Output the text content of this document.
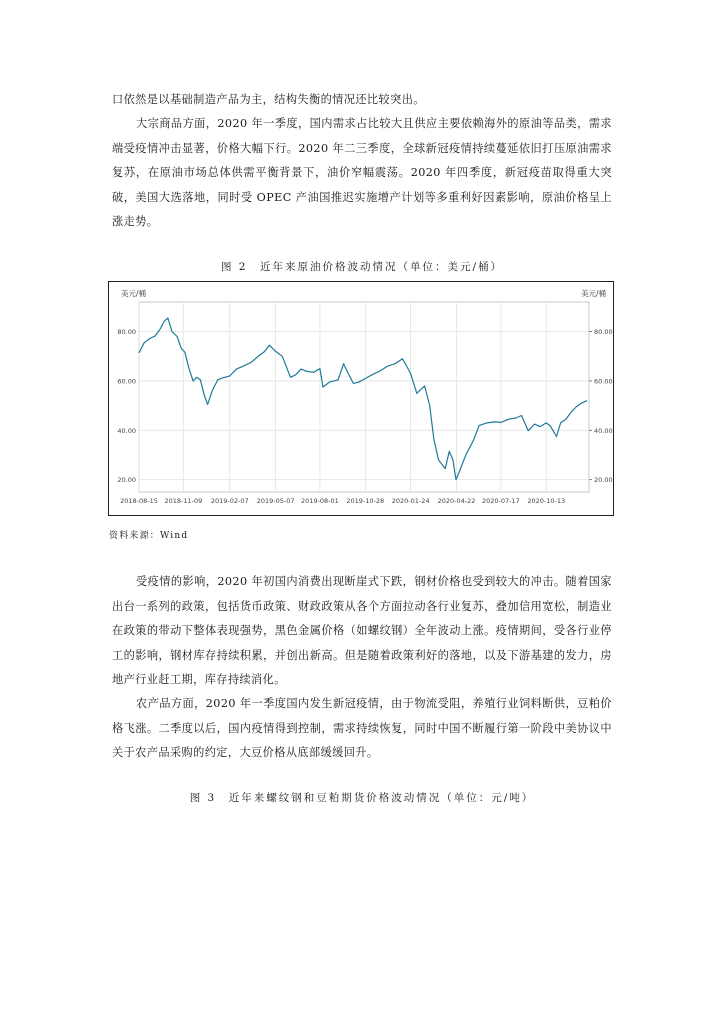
口依然是以基础制造产品为主，结构失衡的情况还比较突出。

大宗商品方面，2020 年一季度，国内需求占比较大且供应主要依赖海外的原油等品类，需求端受疫情冲击显著，价格大幅下行。2020 年二三季度，全球新冠疫情持续蔓延依旧打压原油需求复苏，在原油市场总体供需平衡背景下，油价窄幅震荡。2020 年四季度，新冠疫苗取得重大突破，美国大选落地，同时受 OPEC 产油国推迟实施增产计划等多重利好因素影响，原油价格呈上涨走势。

图 2　近年来原油价格波动情况（单位：美元/桶）

美元/桶	美元/桶
20.00	20.00
40.00	40.00
60.00	60.00
80.00	80.00
2018-08-15 2018-11-09 2019-02-07 2019-05-07 2019-08-01 2019-10-28 2020-01-24 2020-04-22 2020-07-17 2020-10-13
资料来源：Wind

受疫情的影响，2020 年初国内消费出现断崖式下跌，钢材价格也受到较大的冲击。随着国家出台一系列的政策，包括货币政策、财政政策从各个方面拉动各行业复苏，叠加信用宽松，制造业在政策的带动下整体表现强势，黑色金属价格（如螺纹钢）全年波动上涨。疫情期间，受各行业停工的影响，钢材库存持续积累，并创出新高。但是随着政策利好的落地，以及下游基建的发力，房地产行业赶工期，库存持续消化。

农产品方面，2020 年一季度国内发生新冠疫情，由于物流受阻，养殖行业饲料断供，豆粕价格飞涨。二季度以后，国内疫情得到控制，需求持续恢复，同时中国不断履行第一阶段中美协议中关于农产品采购的约定，大豆价格从底部缓缓回升。

图 3　近年来螺纹钢和豆粕期货价格波动情况（单位：元/吨）
